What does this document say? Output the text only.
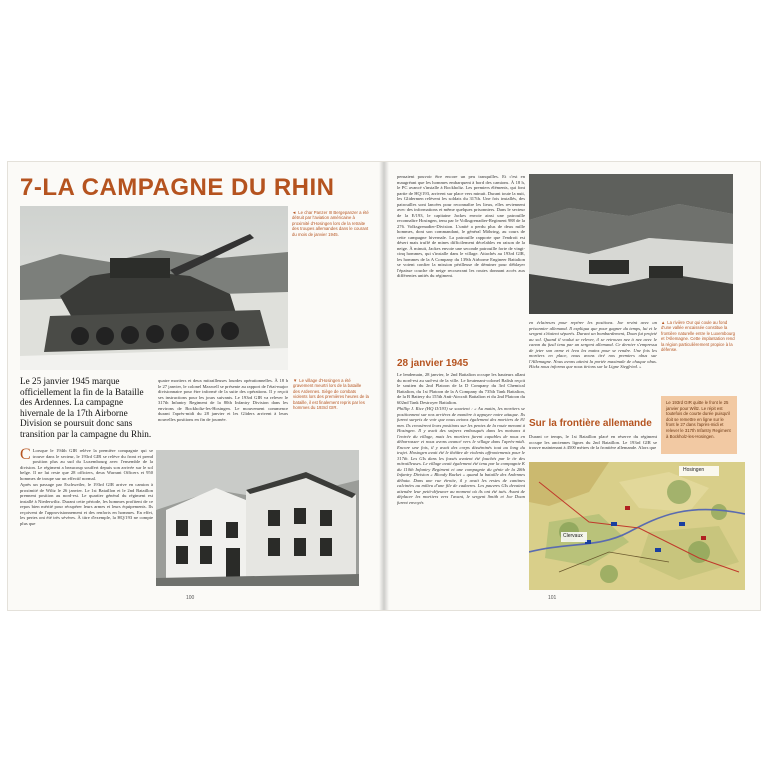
7-LA CAMPAGNE DU RHIN
◄ Le char Panzer III Bergepanzer a été détruit par l'aviation américaine à proximité d'Hosingen lors de la retraite des troupes allemandes dans le courant du mois de janvier 1945.
Le 25 janvier 1945 marque officiellement la fin de la Bataille des Ardennes. La campagne hivernale de la 17th Airborne Division se poursuit donc sans transition par la campagne du Rhin.
C Lorsque le 194th GIR relève la première compagnie qui se trouve dans le secteur, le 193rd GIR se relève du front et prend position plus au sud du Luxembourg avec l'ensemble de la division. Le régiment a beaucoup souffert depuis son arrivée sur le sol belge. Il ne lui reste que 28 officiers, deux Warrant Officers et 950 hommes de troupe sur un effectif normal.

Après un passage par Eschweiler, le 193rd GIR arrive en camion à proximité de Wiltz le 26 janvier. Le 1st Bataillon et le 2nd Bataillon prennent position au nord-est. Le quartier général du régiment est installé à Niederwiltz. Durant cette période, les hommes profitent de ce repos bien mérité pour récupérer leurs armes et leurs équipements. Ils reçoivent de l'approvisionnement et des renforts en hommes. En effet, les pertes ont été très sévères. À titre d'exemple, la HQ/193 ne compte plus que

quatre mortiers et deux mitrailleuses lourdes opérationnelles. À 18 h le 27 janvier, le colonel Maxwell se présente au rapport de l'état-major divisionnaire pour être informé de la suite des opérations. Il y reçoit ses instructions pour les jours suivants. Le 193rd GIR va relever le 317th Infantry Regiment de la 80th Infantry Division dans les environs de Bockholtz-les-Hosingen. Le mouvement commence durant l'après-midi du 28 janvier et les Gliders arrivent à leurs nouvelles positions en fin de journée.

▼ Le village d'Hosingen a été gravement meurtri lors de la bataille des Ardennes. Siège de combats violents lors des premières heures de la bataille, il est finalement repris par les hommes du 193rd GIR.
100

pensaient pouvoir être encore un peu tranquilles. Et c'est en maugréant que les hommes embarquent à bord des camions. À 18 h, le PC avancé s'installe à Bockholtz. Les premiers éléments, qui font partie de HQ/193, arrivent sur place vers minuit. Durant toute la nuit, les Glidermen relèvent les soldats du 317th. Une fois installés, des patrouilles sont lancées pour reconnaître les lieux, elles reviennent avec des informations et même quelques prisonniers. Dans le secteur de la E/193, le capitaine Jackes envoie ainsi une patrouille reconnaître Hosingen, tenu par le Volksgrenadier-Regiment 988 de la 276. Volksgrenadier-Division. L'unité a perdu plus de deux mille hommes, dont son commandant, le général Möhring, au cours de cette campagne hivernale. La patrouille rapporte que l'endroit est désert mais truffé de mines difficilement décelables en raison de la neige. À minuit, Jackes envoie une seconde patrouille forte de vingt-cinq hommes, qui s'installe dans le village. Attachés au 193rd GIR, les hommes de la A Company du 139th Airborne Engineer Battalion se voient confier la mission périlleuse de déminer pour déblayer l'épaisse couche de neige recouvrant les routes donnant accès aux différentes unités du régiment.

28 janvier 1945

Le lendemain, 28 janvier, le 2nd Battalion occupe les hauteurs allant du nord-est au sud-est de la ville. Le lieutenant-colonel Balish reçoit le soutien du 2nd Platoon de la D Company du 3rd Chemical Battalion, du 1st Platoon de la A Company du 735th Tank Battalion, de la B Battery du 155th Anti-Aircraft Battalion et du 2nd Platoon du 602nd Tank Destroyer Battalion.

Phillip J. Rice (HQ II/193) se souvient : « Au matin, les mortiers se positionnent sur nos arrières de manière à appuyer notre attaque. Ils furent surpris de voir que nous avions également des mortiers de 81 mm. Ils creusèrent leurs positions sur les pentes de la route menant à Hosingen. Il y avait des snipers embusqués dans les maisons à l'entrée du village, mais les mortiers furent capables de nous en débarrasser et nous avons avancé vers le village dans l'après-midi. Encore une fois, il y avait des corps disséminés tout au long du trajet. Hosingen avait été le théâtre de violents affrontements pour le 317th. Les GIs dans les fossés avaient été fauchés par le tir des mitrailleuses. Le village avait également été tenu par la compagnie K du 110th Infantry Regiment et une compagnie du génie de la 28th Infantry Division « Bloody Bucket » quand la bataille des Ardennes débuta. Dans une rue étroite, il y avait les restes de cantines calcinées au milieu d'une file de cadavres. Les pauvres GIs devaient attendre leur petit-déjeuner au moment où ils ont été tués. Avant de déplacer les mortiers vers l'avant, le sergent Smith et Joe Doan furent envoyés

▲ La rivière Our qui coule au fond d'une vallée encaissée constitue la frontière naturelle entre le Luxembourg et l'Allemagne. Cette implantation rend la région particulièrement propice à la défense.

en éclaireurs pour repérer les positions. Joe revint avec un prisonnier allemand. Il expliqua que pour gagner du temps, lui et le sergent s'étaient séparés. Durant un bombardement, Doan fut projeté au sol. Quand il voulut se relever, il se retrouva nez à nez avec le canon du fusil tenu par un sergent allemand. Ce dernier s'empressa de jeter son arme et leva les mains pour se rendre. Une fois les mortiers en place, nous avons tiré nos premiers obus sur l'Allemagne. Nous avons atteint la portée maximale de chaque obus. Hicks nous informa que nous tirions sur la Ligne Siegfried. »

Sur la frontière allemande

Durant ce temps, le 1st Bataillon placé en réserve du régiment occupe les anciennes lignes du 2nd Bataillon. Le 193rd GIR se trouve maintenant à 4500 mètres de la frontière allemande. Alors que

Le 193rd GIR quitte le front le 25 janvier pour Wiltz. Le répit est toutefois de courte durée puisqu'il doit se remettre en ligne sur le front le 27 dans l'après-midi et relever le 317th Infantry Regiment à Bockholz-les-Hosingen.
Clervaux
Hosingen
101
